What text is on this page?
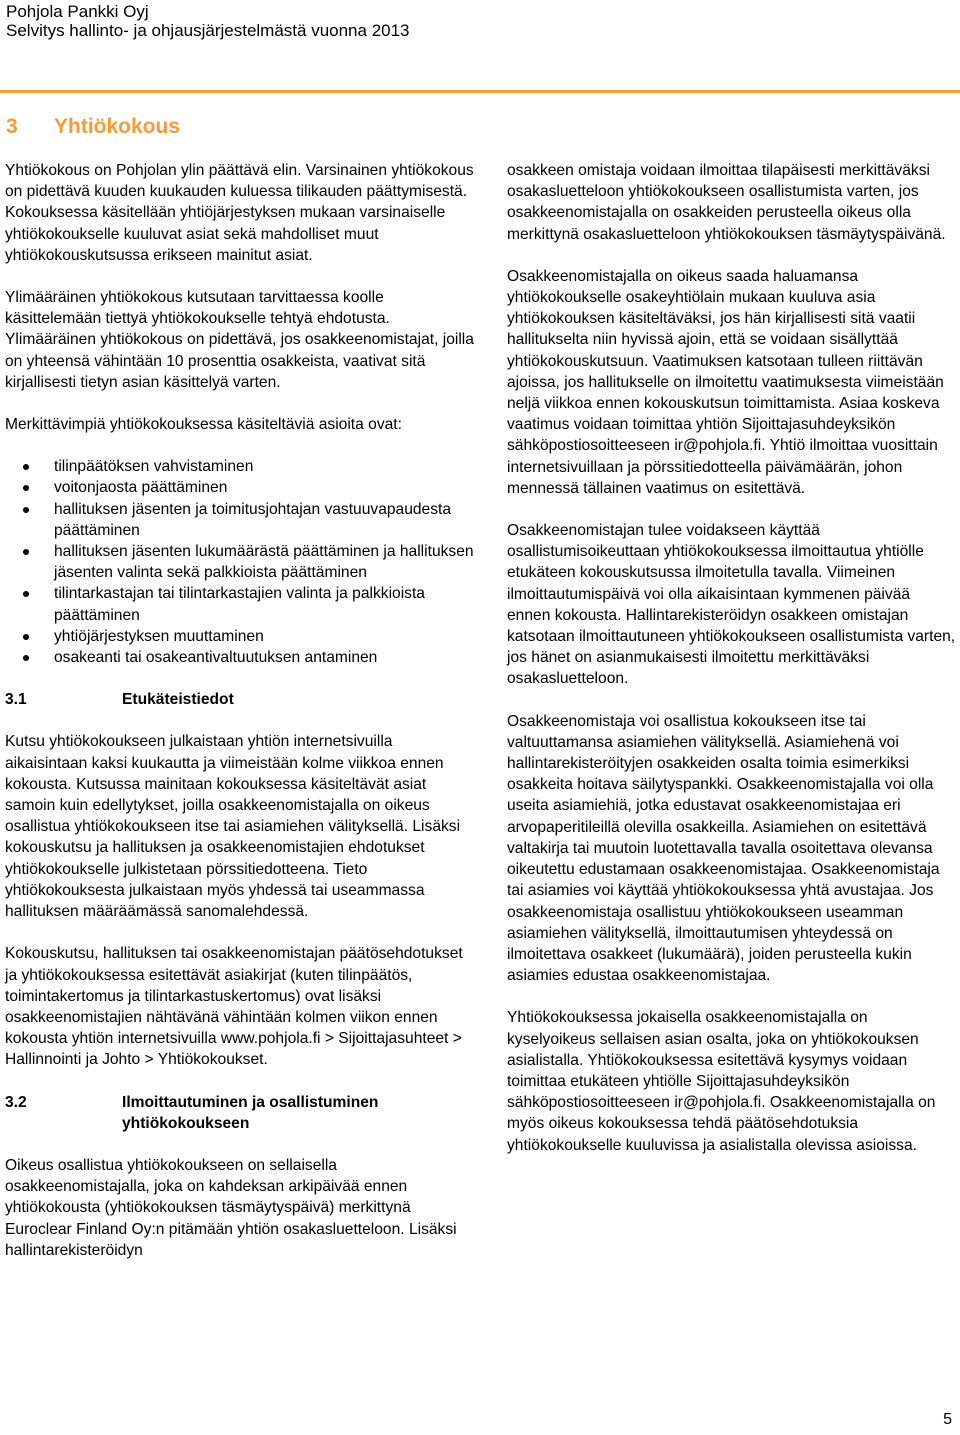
Pohjola Pankki Oyj
Selvitys hallinto- ja ohjausjärjestelmästä vuonna 2013
3 Yhtiökokous

Yhtiökokous on Pohjolan ylin päättävä elin. Varsinainen yhtiökokous on pidettävä kuuden kuukauden kuluessa tilikauden päättymisestä. Kokouksessa käsitellään yhtiöjärjestyksen mukaan varsinaiselle yhtiökokoukselle kuuluvat asiat sekä mahdolliset muut yhtiökokouskutsussa erikseen mainitut asiat.

Ylimääräinen yhtiökokous kutsutaan tarvittaessa koolle käsittelemään tiettyä yhtiökokoukselle tehtyä ehdotusta. Ylimääräinen yhtiökokous on pidettävä, jos osakkeenomistajat, joilla on yhteensä vähintään 10 prosenttia osakkeista, vaativat sitä kirjallisesti tietyn asian käsittelyä varten.

Merkittävimpiä yhtiökokouksessa käsiteltäviä asioita ovat:

tilinpäätöksen vahvistaminen
voitonjaosta päättäminen
hallituksen jäsenten ja toimitusjohtajan vastuuvapaudesta päättäminen
hallituksen jäsenten lukumäärästä päättäminen ja hallituksen jäsenten valinta sekä palkkioista päättäminen
tilintarkastajan tai tilintarkastajien valinta ja palkkioista päättäminen
yhtiöjärjestyksen muuttaminen
osakeanti tai osakeantivaltuutuksen antaminen
3.1	Etukäteistiedot

Kutsu yhtiökokoukseen julkaistaan yhtiön internetsivuilla aikaisintaan kaksi kuukautta ja viimeistään kolme viikkoa ennen kokousta. Kutsussa mainitaan kokouksessa käsiteltävät asiat samoin kuin edellytykset, joilla osakkeenomistajalla on oikeus osallistua yhtiökokoukseen itse tai asiamiehen välityksellä. Lisäksi kokouskutsu ja hallituksen ja osakkeenomistajien ehdotukset yhtiökokoukselle julkistetaan pörssitiedotteena. Tieto yhtiökokouksesta julkaistaan myös yhdessä tai useammassa hallituksen määräämässä sanomalehdessä.

Kokouskutsu, hallituksen tai osakkeenomistajan päätösehdotukset ja yhtiökokouksessa esitettävät asiakirjat (kuten tilinpäätös, toimintakertomus ja tilintarkastuskertomus) ovat lisäksi osakkeenomistajien nähtävänä vähintään kolmen viikon ennen kokousta yhtiön internetsivuilla www.pohjola.fi > Sijoittajasuhteet > Hallinnointi ja Johto > Yhtiökokoukset.

3.2	Ilmoittautuminen ja osallistuminen yhtiökokoukseen

Oikeus osallistua yhtiökokoukseen on sellaisella osakkeenomistajalla, joka on kahdeksan arkipäivää ennen yhtiökokousta (yhtiökokouksen täsmäytyspäivä) merkittynä Euroclear Finland Oy:n pitämään yhtiön osakasluetteloon. Lisäksi hallintarekisteröidyn

osakkeen omistaja voidaan ilmoittaa tilapäisesti merkittäväksi osakasluetteloon yhtiökokoukseen osallistumista varten, jos osakkeenomistajalla on osakkeiden perusteella oikeus olla merkittynä osakasluetteloon yhtiökokouksen täsmäytyspäivänä.

Osakkeenomistajalla on oikeus saada haluamansa yhtiökokoukselle osakeyhtiölain mukaan kuuluva asia yhtiökokouksen käsiteltäväksi, jos hän kirjallisesti sitä vaatii hallitukselta niin hyvissä ajoin, että se voidaan sisällyttää yhtiökokouskutsuun. Vaatimuksen katsotaan tulleen riittävän ajoissa, jos hallitukselle on ilmoitettu vaatimuksesta viimeistään neljä viikkoa ennen kokouskutsun toimittamista. Asiaa koskeva vaatimus voidaan toimittaa yhtiön Sijoittajasuhdeyksikön sähköpostiosoitteeseen ir@pohjola.fi. Yhtiö ilmoittaa vuosittain internetsivuillaan ja pörssitiedotteella päivämäärän, johon mennessä tällainen vaatimus on esitettävä.

Osakkeenomistajan tulee voidakseen käyttää osallistumisoikeuttaan yhtiökokouksessa ilmoittautua yhtiölle etukäteen kokouskutsussa ilmoitetulla tavalla. Viimeinen ilmoittautumispäivä voi olla aikaisintaan kymmenen päivää ennen kokousta. Hallintarekisteröidyn osakkeen omistajan katsotaan ilmoittautuneen yhtiökokoukseen osallistumista varten, jos hänet on asianmukaisesti ilmoitettu merkittäväksi osakasluetteloon.

Osakkeenomistaja voi osallistua kokoukseen itse tai valtuuttamansa asiamiehen välityksellä. Asiamiehenä voi hallintarekisteröityjen osakkeiden osalta toimia esimerkiksi osakkeita hoitava säilytyspankki. Osakkeenomistajalla voi olla useita asiamiehiä, jotka edustavat osakkeenomistajaa eri arvopaperitileillä olevilla osakkeilla. Asiamiehen on esitettävä valtakirja tai muutoin luotettavalla tavalla osoitettava olevansa oikeutettu edustamaan osakkeenomistajaa. Osakkeenomistaja tai asiamies voi käyttää yhtiökokouksessa yhtä avustajaa. Jos osakkeenomistaja osallistuu yhtiökokoukseen useamman asiamiehen välityksellä, ilmoittautumisen yhteydessä on ilmoitettava osakkeet (lukumäärä), joiden perusteella kukin asiamies edustaa osakkeenomistajaa.

Yhtiökokouksessa jokaisella osakkeenomistajalla on kyselyoikeus sellaisen asian osalta, joka on yhtiökokouksen asialistalla. Yhtiökokouksessa esitettävä kysymys voidaan toimittaa etukäteen yhtiölle Sijoittajasuhdeyksikön sähköpostiosoitteeseen ir@pohjola.fi. Osakkeenomistajalla on myös oikeus kokouksessa tehdä päätösehdotuksia yhtiökokoukselle kuuluvissa ja asialistalla olevissa asioissa.

5
